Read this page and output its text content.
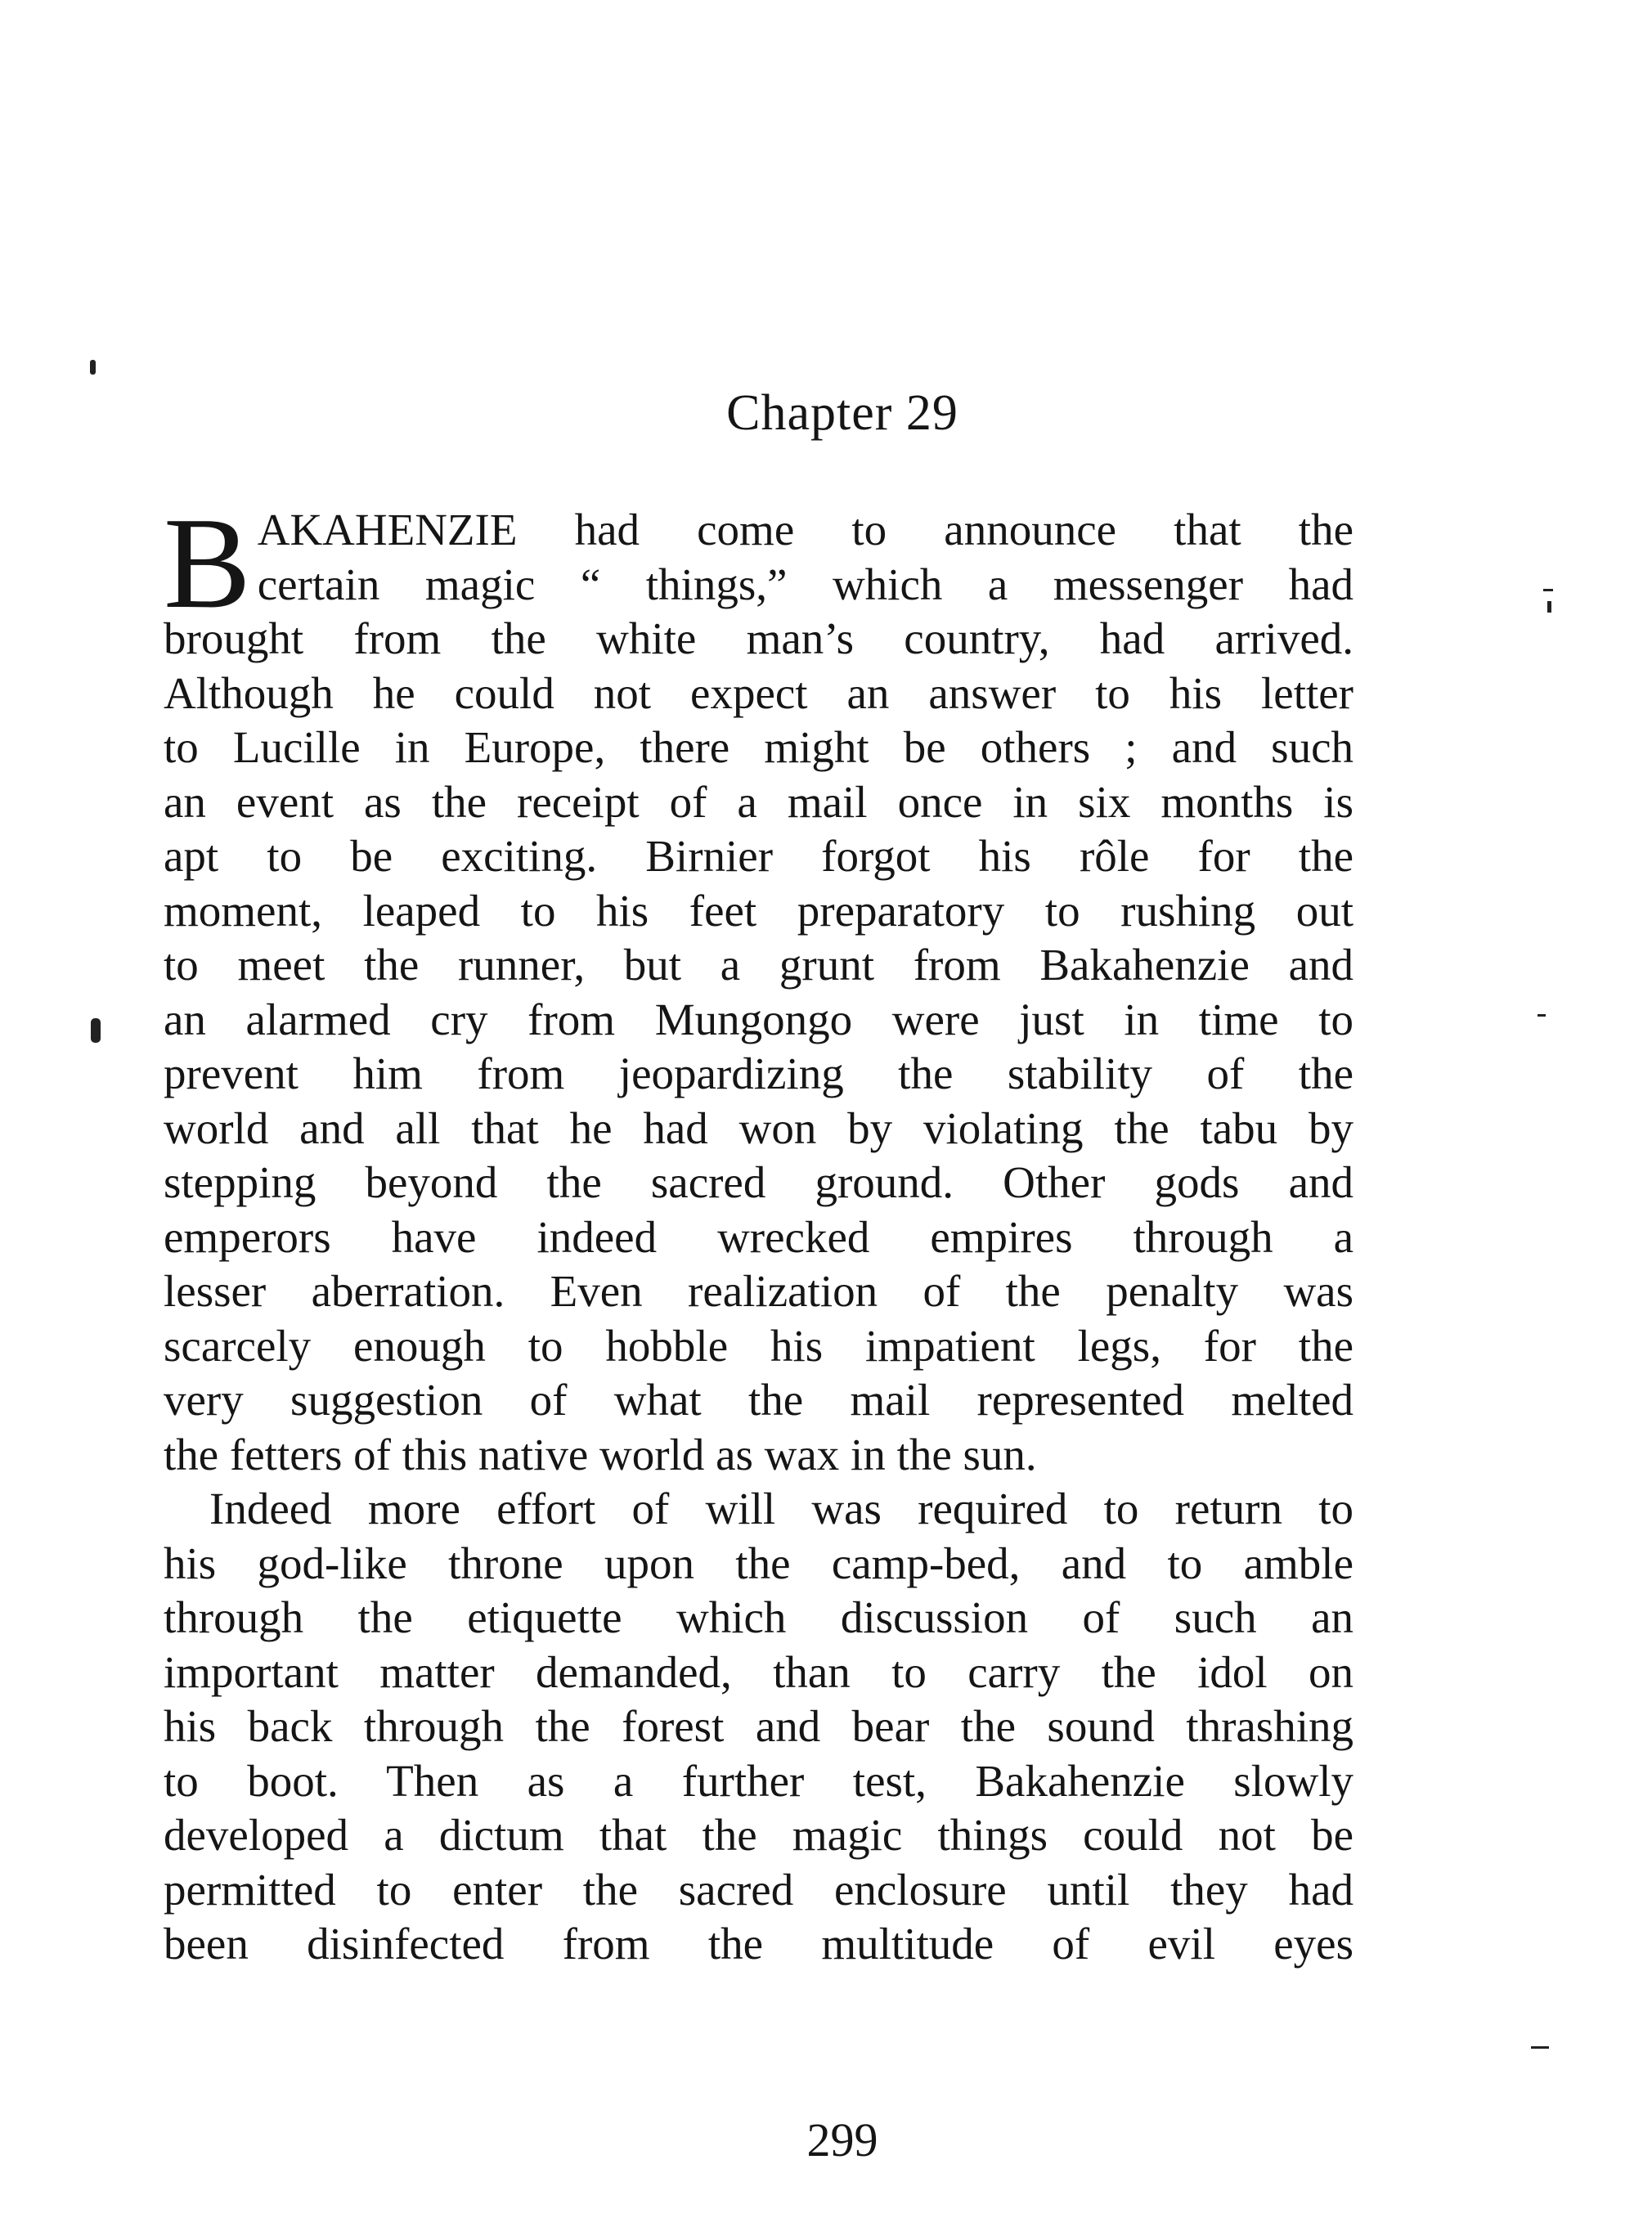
Chapter 29
B AKAHENZIE had come to announce that the

certain magic “ things,” which a messenger had

brought from the white man’s country, had arrived.

Although he could not expect an answer to his letter

to Lucille in Europe, there might be others ; and such

an event as the receipt of a mail once in six months is

apt to be exciting. Birnier forgot his rôle for the

moment, leaped to his feet preparatory to rushing out

to meet the runner, but a grunt from Bakahenzie and

an alarmed cry from Mungongo were just in time to

prevent him from jeopardizing the stability of the

world and all that he had won by violating the tabu by

stepping beyond the sacred ground. Other gods and

emperors have indeed wrecked empires through a

lesser aberration. Even realization of the penalty was

scarcely enough to hobble his impatient legs, for the

very suggestion of what the mail represented melted

the fetters of this native world as wax in the sun.

Indeed more effort of will was required to return to

his god-like throne upon the camp-bed, and to amble

through the etiquette which discussion of such an

important matter demanded, than to carry the idol on

his back through the forest and bear the sound thrashing

to boot. Then as a further test, Bakahenzie slowly

developed a dictum that the magic things could not be

permitted to enter the sacred enclosure until they had

been disinfected from the multitude of evil eyes

299
